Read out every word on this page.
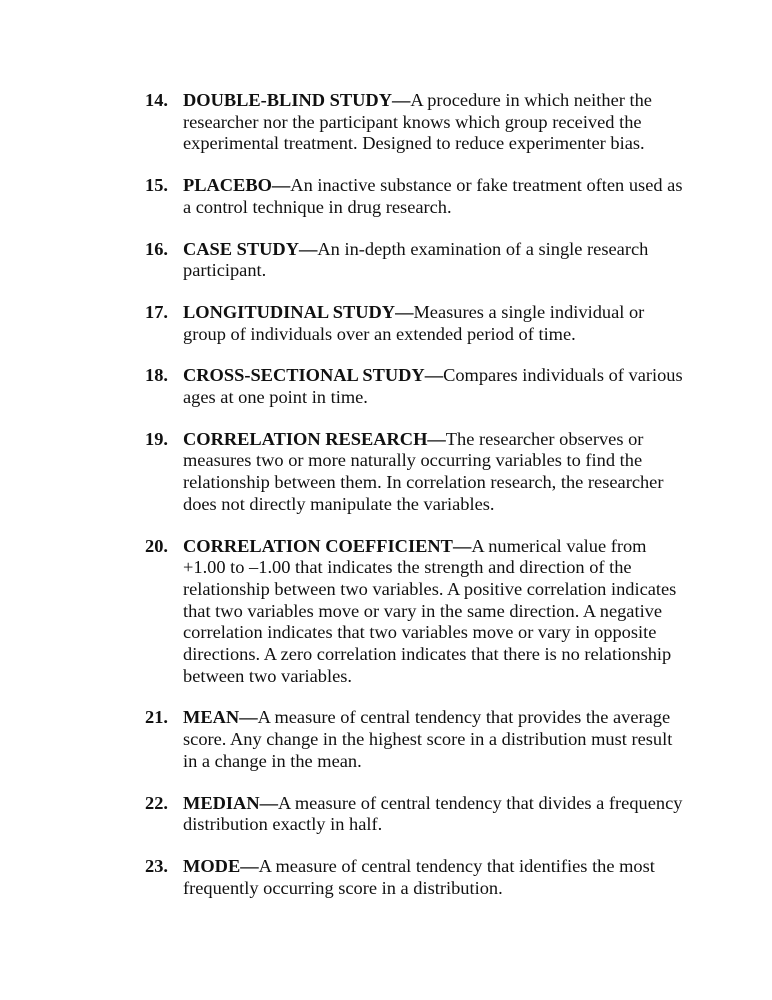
14. DOUBLE-BLIND STUDY—A procedure in which neither the researcher nor the participant knows which group received the experimental treatment. Designed to reduce experimenter bias.
15. PLACEBO—An inactive substance or fake treatment often used as a control technique in drug research.
16. CASE STUDY—An in-depth examination of a single research participant.
17. LONGITUDINAL STUDY—Measures a single individual or group of individuals over an extended period of time.
18. CROSS-SECTIONAL STUDY—Compares individuals of various ages at one point in time.
19. CORRELATION RESEARCH—The researcher observes or measures two or more naturally occurring variables to find the relationship between them. In correlation research, the researcher does not directly manipulate the variables.
20. CORRELATION COEFFICIENT—A numerical value from +1.00 to –1.00 that indicates the strength and direction of the relationship between two variables. A positive correlation indicates that two variables move or vary in the same direction. A negative correlation indicates that two variables move or vary in opposite directions. A zero correlation indicates that there is no relationship between two variables.
21. MEAN—A measure of central tendency that provides the average score. Any change in the highest score in a distribution must result in a change in the mean.
22. MEDIAN—A measure of central tendency that divides a frequency distribution exactly in half.
23. MODE—A measure of central tendency that identifies the most frequently occurring score in a distribution.
